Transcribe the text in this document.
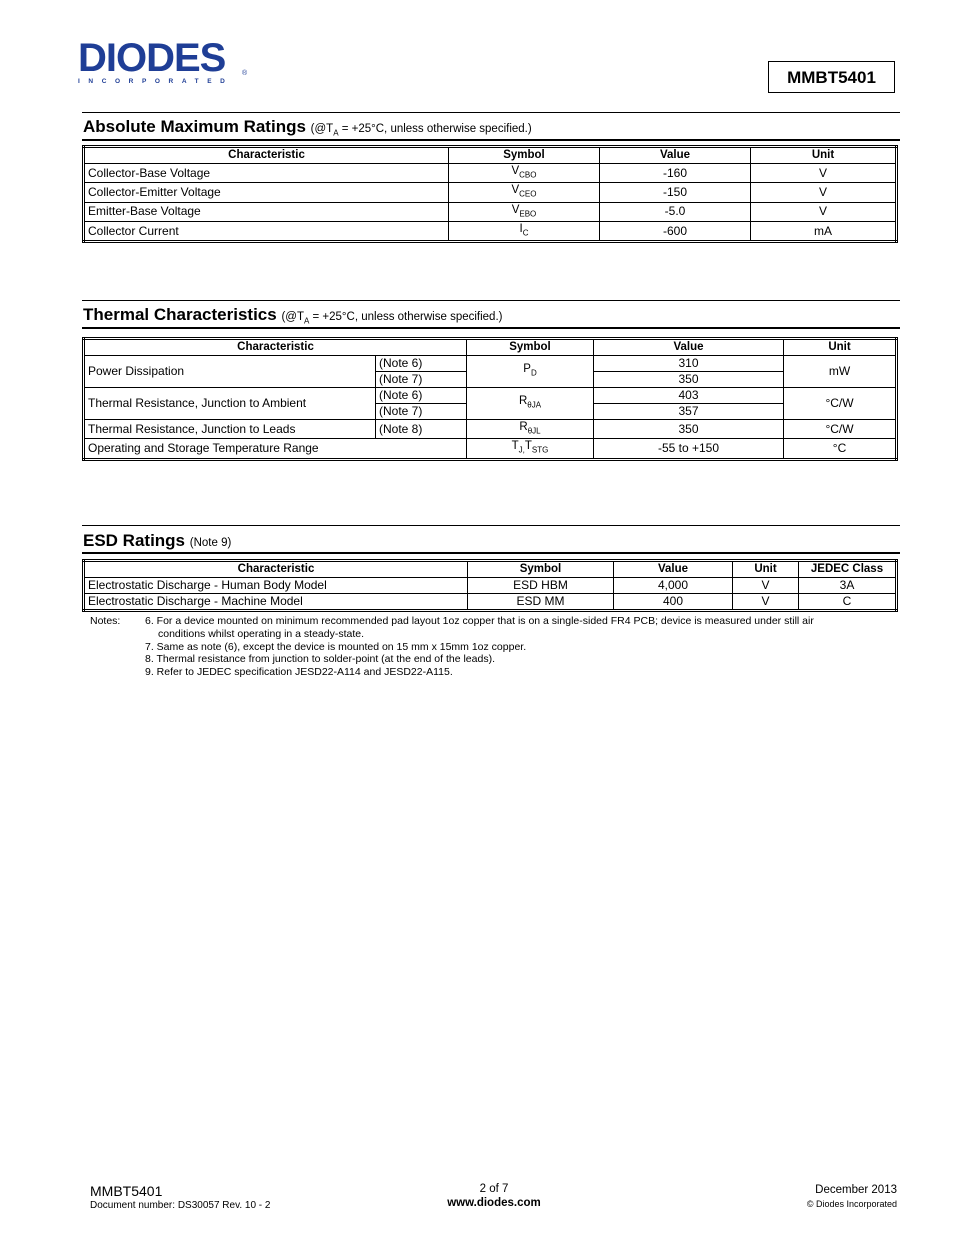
DIODES
INCORPORATED
®	MMBT5401
Absolute Maximum Ratings ($@T_A = +25^\circ C$, unless otherwise specified.)
Characteristic	Symbol	Value	Unit
Collector-Base Voltage	$V_{CBO}$	-160	V
Collector-Emitter Voltage	$V_{CEO}$	-150	V
Emitter-Base Voltage	$V_{EBO}$	-5.0	V
Collector Current	$I_C$	-600	mA
Thermal Characteristics ($@T_A = +25^\circ C$, unless otherwise specified.)
Characteristic		Symbol	Value	Unit
Power Dissipation	(Note 6)	$P_D$	310	mW
	(Note 7)		350	
Thermal Resistance, Junction to Ambient	(Note 6)	$R_{\theta JA}$	403	°C/W
	(Note 7)		357	
Thermal Resistance, Junction to Leads	(Note 8)	$R_{\theta JL}$	350	°C/W
Operating and Storage Temperature Range		$T_{J,}T_{STG}$	-55 to +150	°C
ESD Ratings (Note 9)
Characteristic	Symbol	Value	Unit	JEDEC Class
Electrostatic Discharge - Human Body Model	ESD HBM	4,000	V	3A
Electrostatic Discharge - Machine Model	ESD MM	400	V	C
Notes: 6. For a device mounted on minimum recommended pad layout 1oz copper that is on a single-sided FR4 PCB; device is measured under still air
conditions whilst operating in a steady-state.
7. Same as note (6), except the device is mounted on 15 mm x 15mm 1oz copper.
8. Thermal resistance from junction to solder-point (at the end of the leads).
9. Refer to JEDEC specification JESD22-A114 and JESD22-A115.
MMBT5401
Document number: DS30057 Rev. 10 - 2
2 of 7
www.diodes.com
December 2013
© Diodes Incorporated
